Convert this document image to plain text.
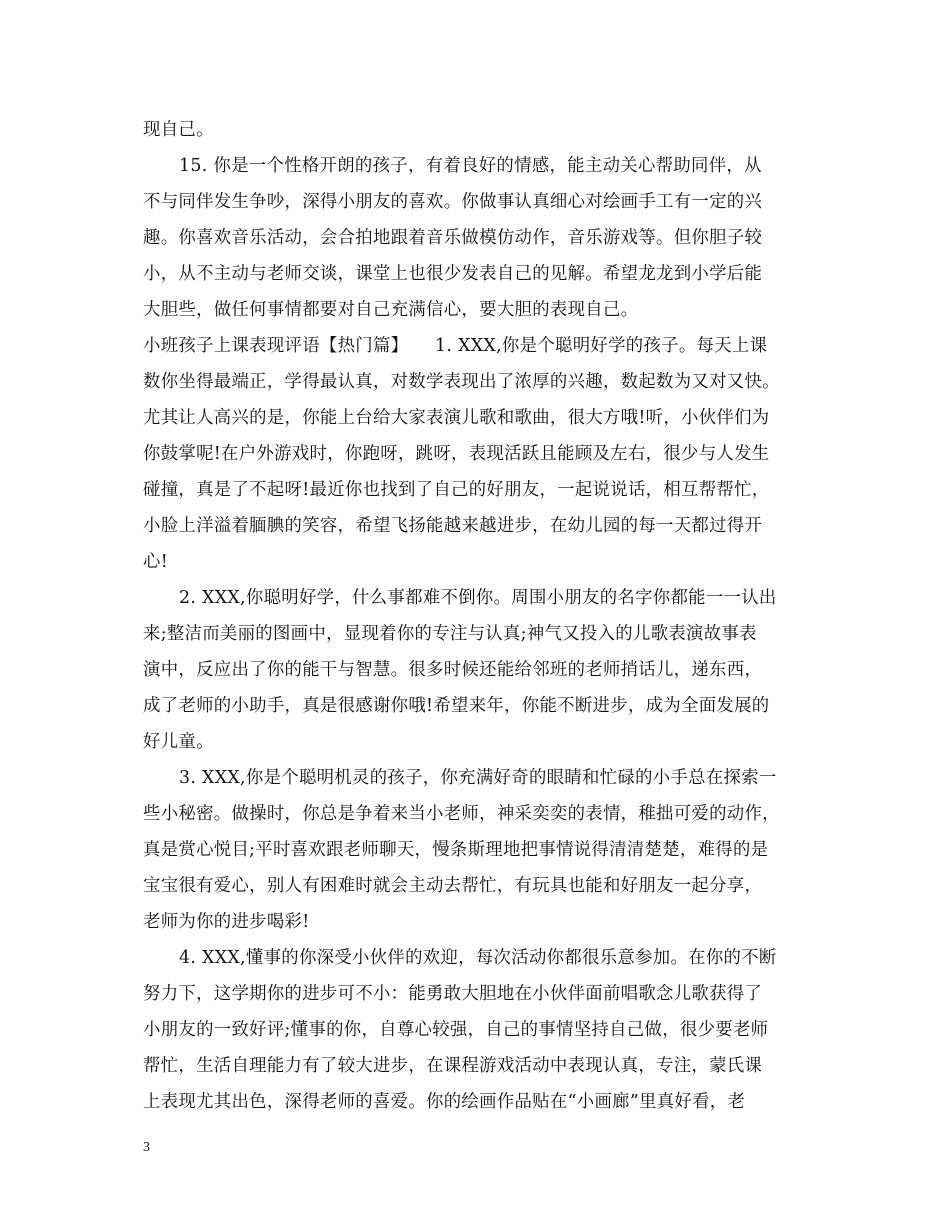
现自己。
15. 你是一个性格开朗的孩子，有着良好的情感，能主动关心帮助同伴，从
不与同伴发生争吵，深得小朋友的喜欢。你做事认真细心对绘画手工有一定的兴
趣。你喜欢音乐活动，会合拍地跟着音乐做模仿动作，音乐游戏等。但你胆子较
小，从不主动与老师交谈，课堂上也很少发表自己的见解。希望龙龙到小学后能
大胆些，做任何事情都要对自己充满信心，要大胆的表现自己。
小班孩子上课表现评语【热门篇】　　1. XXX,你是个聪明好学的孩子。每天上课
数你坐得最端正，学得最认真，对数学表现出了浓厚的兴趣，数起数为又对又快。
尤其让人高兴的是，你能上台给大家表演儿歌和歌曲，很大方哦!听，小伙伴们为
你鼓掌呢!在户外游戏时，你跑呀，跳呀，表现活跃且能顾及左右，很少与人发生
碰撞，真是了不起呀!最近你也找到了自己的好朋友，一起说说话，相互帮帮忙，
小脸上洋溢着腼腆的笑容，希望飞扬能越来越进步，在幼儿园的每一天都过得开
心!
2. XXX,你聪明好学，什么事都难不倒你。周围小朋友的名字你都能一一认出
来;整洁而美丽的图画中，显现着你的专注与认真;神气又投入的儿歌表演故事表
演中，反应出了你的能干与智慧。很多时候还能给邻班的老师捎话儿，递东西，
成了老师的小助手，真是很感谢你哦!希望来年，你能不断进步，成为全面发展的
好儿童。
3. XXX,你是个聪明机灵的孩子，你充满好奇的眼睛和忙碌的小手总在探索一
些小秘密。做操时，你总是争着来当小老师，神采奕奕的表情，稚拙可爱的动作，
真是赏心悦目;平时喜欢跟老师聊天，慢条斯理地把事情说得清清楚楚，难得的是
宝宝很有爱心，别人有困难时就会主动去帮忙，有玩具也能和好朋友一起分享，
老师为你的进步喝彩!
4. XXX,懂事的你深受小伙伴的欢迎，每次活动你都很乐意参加。在你的不断
努力下，这学期你的进步可不小：能勇敢大胆地在小伙伴面前唱歌念儿歌获得了
小朋友的一致好评;懂事的你，自尊心较强，自己的事情坚持自己做，很少要老师
帮忙，生活自理能力有了较大进步，在课程游戏活动中表现认真，专注，蒙氏课
上表现尤其出色，深得老师的喜爱。你的绘画作品贴在“小画廊”里真好看，老
3
